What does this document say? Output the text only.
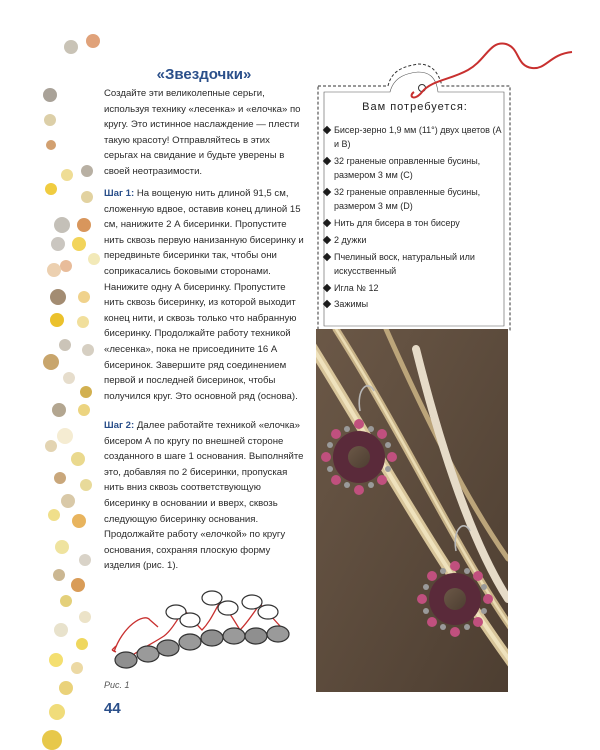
«Звездочки»

Создайте эти великолепные серьги, используя технику «лесенка» и «елочка» по кругу. Это истинное наслаждение — плести такую красоту! Отправляйтесь в этих серьгах на свидание и будьте уверены в своей неотразимости.

Шаг 1: На вощеную нить длиной 91,5 см, сложенную вдвое, оставив конец длиной 15 см, нанижите 2 А бисеринки. Пропустите нить сквозь первую нанизанную бисеринку и передвиньте бисеринки так, чтобы они соприкасались боковыми сторонами. Нанижите одну А бисеринку. Пропустите нить сквозь бисеринку, из которой выходит конец нити, и сквозь только что набранную бисеринку. Продолжайте работу техникой «лесенка», пока не присоедините 16 А бисеринок. Завершите ряд соединением первой и последней бисеринок, чтобы получился круг. Это основной ряд (основа).

Шаг 2: Далее работайте техникой «елочка» бисером А по кругу по внешней стороне созданного в шаге 1 основания. Выполняйте это, добавляя по 2 бисеринки, пропуская нить вниз сквозь соответствующую бисеринку в основании и вверх, сквозь следующую бисеринку основания. Продолжайте работу «елочкой» по кругу основания, сохраняя плоскую форму изделия (рис. 1).

Рис. 1

44

Вам потребуется:

Бисер-зерно 1,9 мм (11°) двух цветов (А и В)
32 граненые оправленные бусины, размером 3 мм (С)
32 граненые оправленные бусины, размером 3 мм (D)
Нить для бисера в тон бисеру
2 дужки
Пчелиный воск, натуральный или искусственный
Игла № 12
Зажимы
